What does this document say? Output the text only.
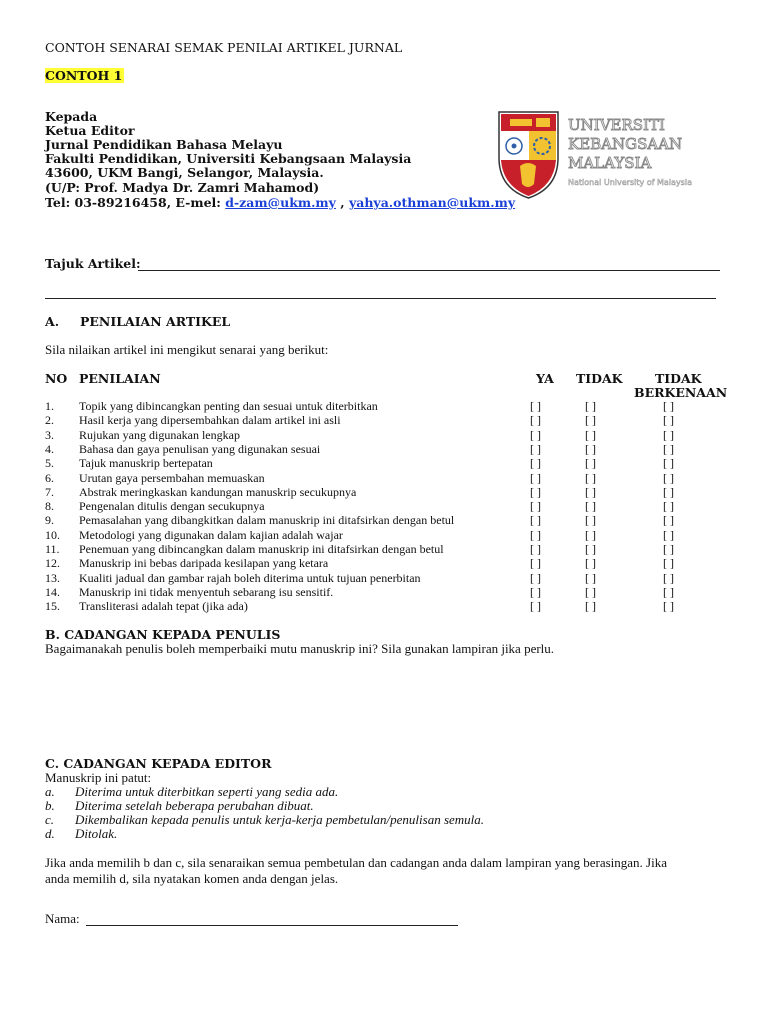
CONTOH SENARAI SEMAK PENILAI ARTIKEL JURNAL
CONTOH 1
Kepada
Ketua Editor
Jurnal Pendidikan Bahasa Melayu
Fakulti Pendidikan, Universiti Kebangsaan Malaysia
43600, UKM Bangi, Selangor, Malaysia.
(U/P: Prof. Madya Dr. Zamri Mahamod)
Tel: 03-89216458, E-mel: d-zam@ukm.my , yahya.othman@ukm.my
UNIVERSITI
KEBANGSAAN
MALAYSIA
National University of Malaysia
Tajuk Artikel:
A. PENILAIAN ARTIKEL
Sila nilaikan artikel ini mengikut senarai yang berikut:
NO PENILAIAN	YA TIDAK	TIDAK
BERKENAAN
1. Topik yang dibincangkan penting dan sesuai untuk diterbitkan	[ ]	[ ]	[ ]
2. Hasil kerja yang dipersembahkan dalam artikel ini asli	[ ]	[ ]	[ ]
3. Rujukan yang digunakan lengkap	[ ]	[ ]	[ ]
4. Bahasa dan gaya penulisan yang digunakan sesuai	[ ]	[ ]	[ ]
5. Tajuk manuskrip bertepatan	[ ]	[ ]	[ ]
6. Urutan gaya persembahan memuaskan	[ ]	[ ]	[ ]
7. Abstrak meringkaskan kandungan manuskrip secukupnya	[ ]	[ ]	[ ]
8. Pengenalan ditulis dengan secukupnya	[ ]	[ ]	[ ]
9. Pemasalahan yang dibangkitkan dalam manuskrip ini ditafsirkan dengan betul	[ ]	[ ]	[ ]
10. Metodologi yang digunakan dalam kajian adalah wajar	[ ]	[ ]	[ ]
11. Penemuan yang dibincangkan dalam manuskrip ini ditafsirkan dengan betul	[ ]	[ ]	[ ]
12. Manuskrip ini bebas daripada kesilapan yang ketara	[ ]	[ ]	[ ]
13. Kualiti jadual dan gambar rajah boleh diterima untuk tujuan penerbitan	[ ]	[ ]	[ ]
14. Manuskrip ini tidak menyentuh sebarang isu sensitif.	[ ]	[ ]	[ ]
15. Transliterasi adalah tepat (jika ada)	[ ]	[ ]	[ ]
B. CADANGAN KEPADA PENULIS
Bagaimanakah penulis boleh memperbaiki mutu manuskrip ini? Sila gunakan lampiran jika perlu.
C. CADANGAN KEPADA EDITOR
Manuskrip ini patut:
a. Diterima untuk diterbitkan seperti yang sedia ada.
b. Diterima setelah beberapa perubahan dibuat.
c. Dikembalikan kepada penulis untuk kerja-kerja pembetulan/penulisan semula.
d. Ditolak.
Jika anda memilih b dan c, sila senaraikan semua pembetulan dan cadangan anda dalam lampiran yang berasingan. Jika
anda memilih d, sila nyatakan komen anda dengan jelas.
Nama:
